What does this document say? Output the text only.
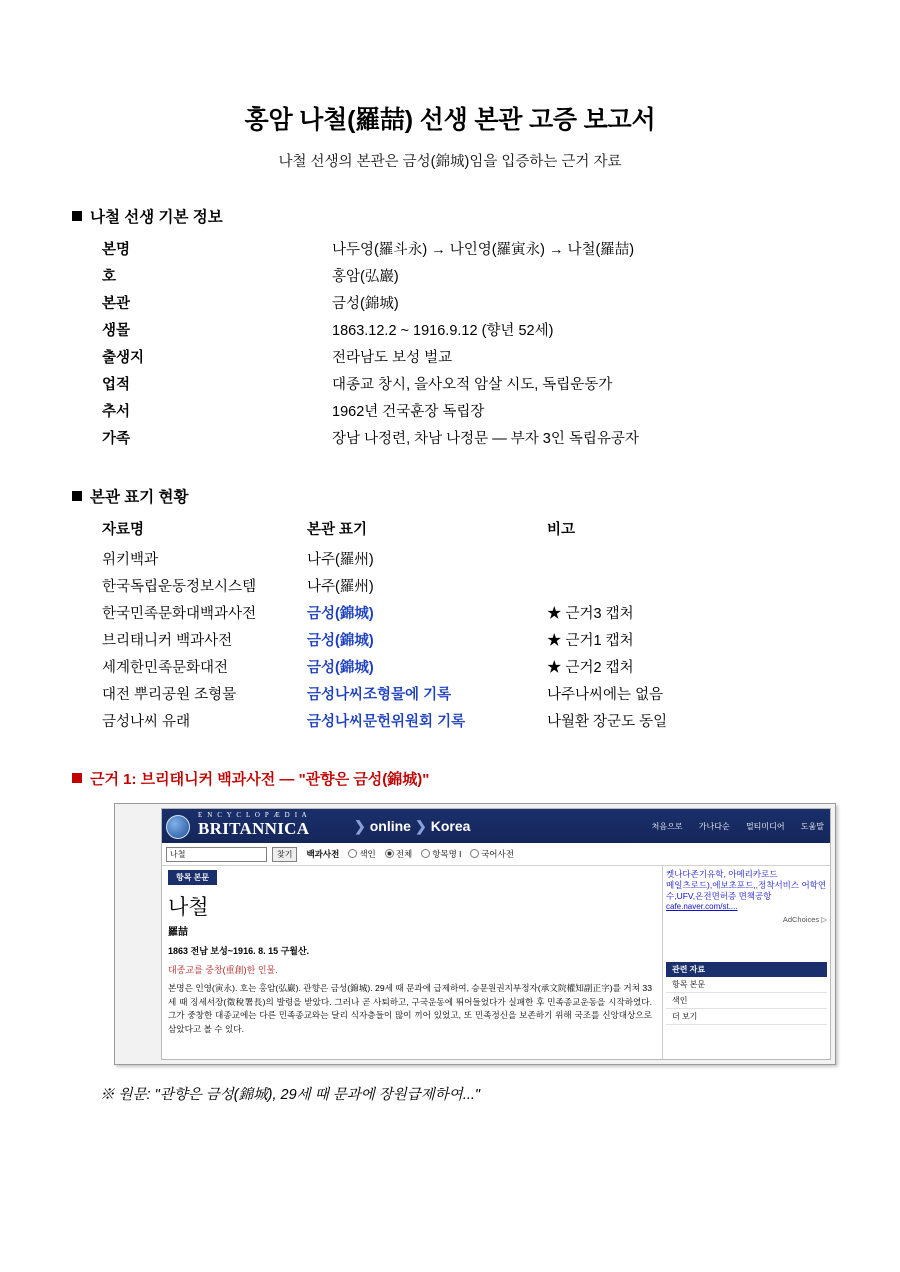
홍암 나철(羅喆) 선생 본관 고증 보고서
나철 선생의 본관은 금성(錦城)임을 입증하는 근거 자료
나철 선생 기본 정보
본명	나두영(羅斗永) → 나인영(羅寅永) → 나철(羅喆)
호	홍암(弘巖)
본관	금성(錦城)
생몰	1863.12.2 ~ 1916.9.12 (향년 52세)
출생지	전라남도 보성 벌교
업적	대종교 창시, 을사오적 암살 시도, 독립운동가
추서	1962년 건국훈장 독립장
가족	장남 나정련, 차남 나정문 — 부자 3인 독립유공자
본관 표기 현황
자료명	본관 표기	비고
위키백과	나주(羅州)	
한국독립운동정보시스템	나주(羅州)	
한국민족문화대백과사전	금성(錦城)	★ 근거3 캡처
브리태니커 백과사전	금성(錦城)	★ 근거1 캡처
세계한민족문화대전	금성(錦城)	★ 근거2 캡처
대전 뿌리공원 조형물	금성나씨조형물에 기록	나주나씨에는 없음
금성나씨 유래	금성나씨문헌위원회 기록	나월환 장군도 동일
근거 1: 브리태니커 백과사전 — "관향은 금성(錦城)"
E N C Y C L O P Æ D I A
BRITANNICA	❯ online ❯ Korea	처음으로 가나다순 멀티미디어 도움말
나철	찾기	백과사전	색인	전체	항목명 l	국어사전
항목 본문
나철
羅喆
1863 전남 보성~1916. 8. 15 구월산.
대종교를 중창(重創)한 인물.
본명은 인영(寅永). 호는 홍암(弘巖). 관향은 금성(錦城). 29세 때 문과에 급제하여, 승문원권지부정자(承文院權知副正字)를 거쳐 33세 때 징세서장(徵稅署長)의 발령을 받았다. 그러나 곧 사퇴하고, 구국운동에 뛰어들었다가 실패한 후 민족종교운동을 시작하였다. 그가 중창한 대종교에는 다른 민족종교와는 달리 식자층들이 많이 끼어 있었고, 또 민족정신을 보존하기 위해 국조를 신앙대상으로 삼았다고 볼 수 있다.
켓나다존기유학, 아메리카로드
메일츠로드),에보초포드,,정착서비스 어학연수,UFV,온전면허증 면책공항
cafe.naver.com/st....
AdChoices ▷
관련 자료
항목 본문
색인
더 보기
※ 원문: "관향은 금성(錦城), 29세 때 문과에 장원급제하여..."
